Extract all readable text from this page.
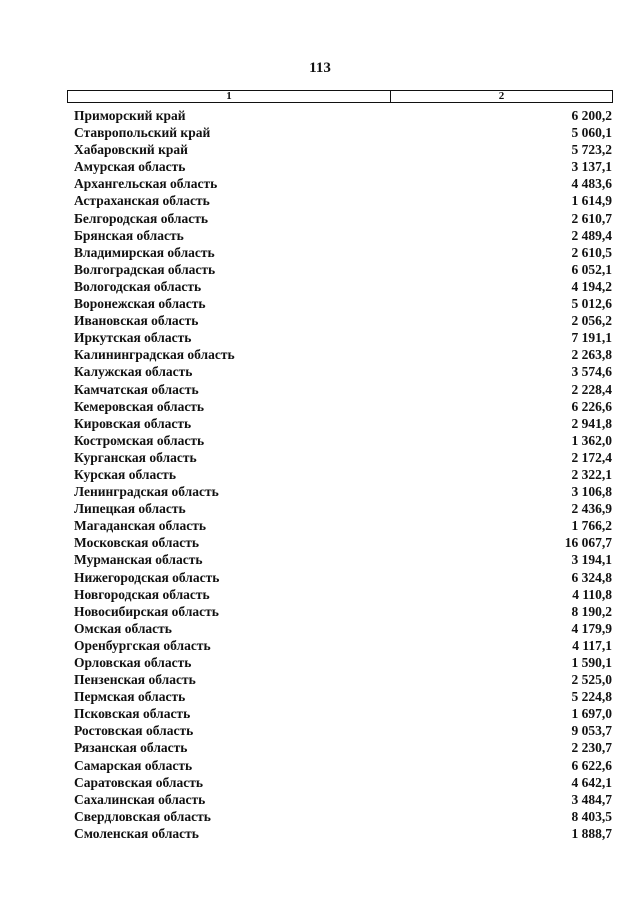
113
1	2
Приморский край	6 200,2
Ставропольский край	5 060,1
Хабаровский край	5 723,2
Амурская область	3 137,1
Архангельская область	4 483,6
Астраханская область	1 614,9
Белгородская область	2 610,7
Брянская область	2 489,4
Владимирская область	2 610,5
Волгоградская область	6 052,1
Вологодская область	4 194,2
Воронежская область	5 012,6
Ивановская область	2 056,2
Иркутская область	7 191,1
Калининградская область	2 263,8
Калужская область	3 574,6
Камчатская область	2 228,4
Кемеровская область	6 226,6
Кировская область	2 941,8
Костромская область	1 362,0
Курганская область	2 172,4
Курская область	2 322,1
Ленинградская область	3 106,8
Липецкая область	2 436,9
Магаданская область	1 766,2
Московская область	16 067,7
Мурманская область	3 194,1
Нижегородская область	6 324,8
Новгородская область	4 110,8
Новосибирская область	8 190,2
Омская область	4 179,9
Оренбургская область	4 117,1
Орловская область	1 590,1
Пензенская область	2 525,0
Пермская область	5 224,8
Псковская область	1 697,0
Ростовская область	9 053,7
Рязанская область	2 230,7
Самарская область	6 622,6
Саратовская область	4 642,1
Сахалинская область	3 484,7
Свердловская область	8 403,5
Смоленская область	1 888,7
